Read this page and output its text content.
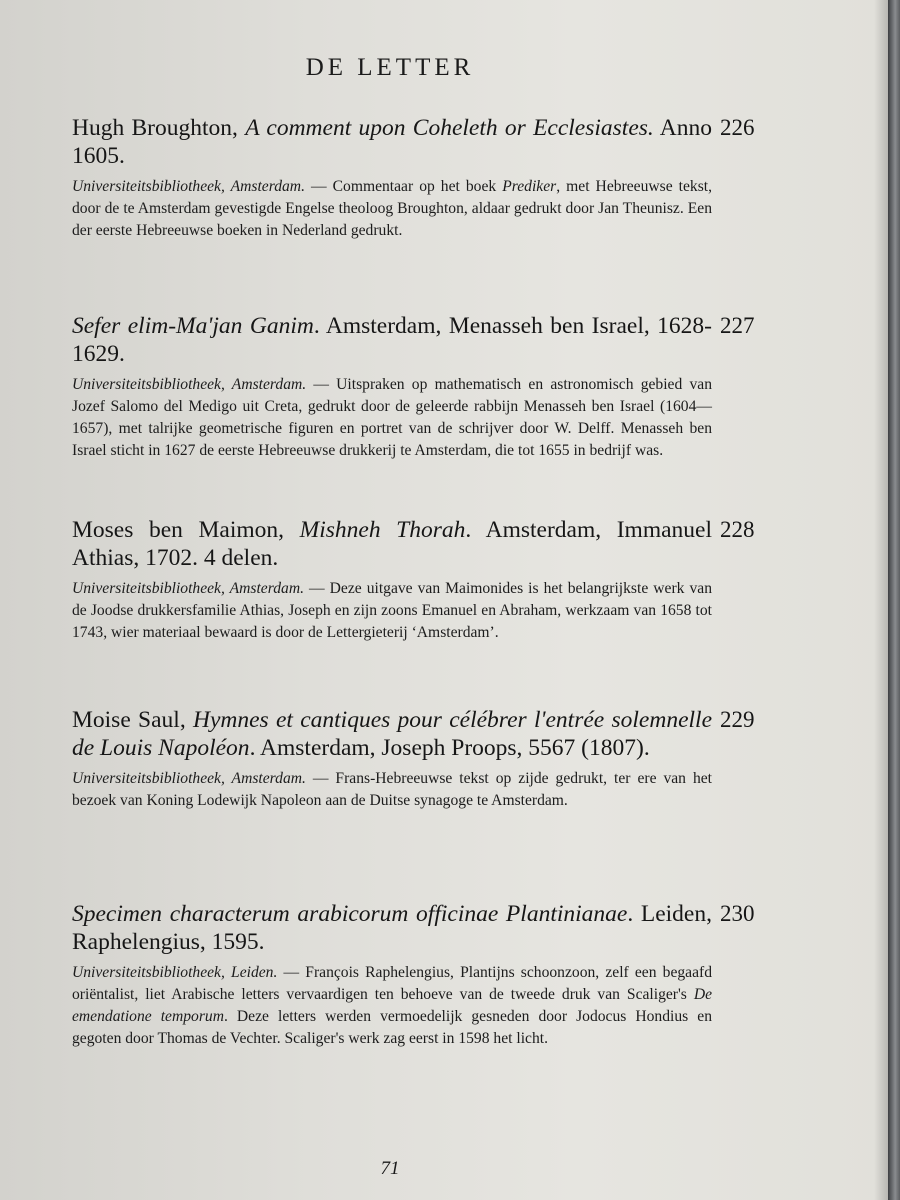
DE LETTER
226

Hugh Broughton, A comment upon Coheleth or Ecclesiastes. Anno 1605.

Universiteitsbibliotheek, Amsterdam. — Commentaar op het boek Prediker, met Hebreeuwse tekst, door de te Amsterdam gevestigde Engelse theoloog Broughton, aldaar gedrukt door Jan Theunisz. Een der eerste Hebreeuwse boeken in Nederland gedrukt.

227

Sefer elim-Ma'jan Ganim. Amsterdam, Menasseh ben Israel, 1628-1629.

Universiteitsbibliotheek, Amsterdam. — Uitspraken op mathematisch en astronomisch gebied van Jozef Salomo del Medigo uit Creta, gedrukt door de geleerde rabbijn Menasseh ben Israel (1604—1657), met talrijke geometrische figuren en portret van de schrijver door W. Delff. Menasseh ben Israel sticht in 1627 de eerste Hebreeuwse drukkerij te Amsterdam, die tot 1655 in bedrijf was.

228

Moses ben Maimon, Mishneh Thorah. Amsterdam, Immanuel Athias, 1702. 4 delen.

Universiteitsbibliotheek, Amsterdam. — Deze uitgave van Maimonides is het belangrijkste werk van de Joodse drukkersfamilie Athias, Joseph en zijn zoons Emanuel en Abraham, werkzaam van 1658 tot 1743, wier materiaal bewaard is door de Lettergieterij ‘Amsterdam’.

229

Moise Saul, Hymnes et cantiques pour célébrer l'entrée solemnelle de Louis Napoléon. Amsterdam, Joseph Proops, 5567 (1807).

Universiteitsbibliotheek, Amsterdam. — Frans-Hebreeuwse tekst op zijde gedrukt, ter ere van het bezoek van Koning Lodewijk Napoleon aan de Duitse synagoge te Amsterdam.

230

Specimen characterum arabicorum officinae Plantinianae. Leiden, Raphelengius, 1595.

Universiteitsbibliotheek, Leiden. — François Raphelengius, Plantijns schoonzoon, zelf een begaafd oriëntalist, liet Arabische letters vervaardigen ten behoeve van de tweede druk van Scaliger's De emendatione temporum. Deze letters werden vermoedelijk gesneden door Jodocus Hondius en gegoten door Thomas de Vechter. Scaliger's werk zag eerst in 1598 het licht.

71
